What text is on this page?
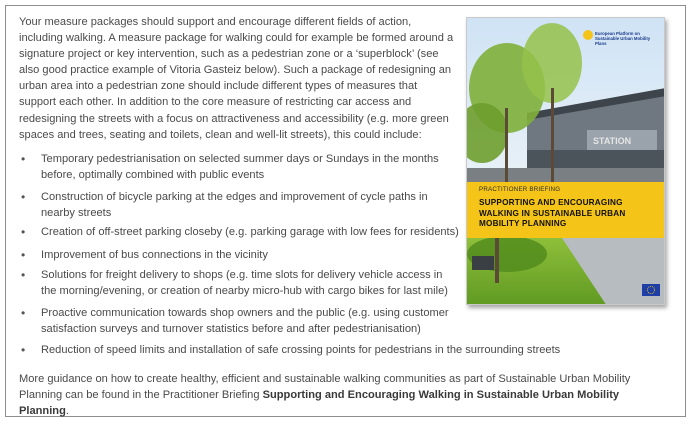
Your measure packages should support and encourage different fields of action, including walking. A measure package for walking could for example be formed around a signature project or key intervention, such as a pedestrian zone or a ‘superblock’ (see also good practice example of Vitoria Gasteiz below). Such a package of redesigning an urban area into a pedestrian zone should include different types of measures that support each other. In addition to the core measure of restricting car access and redesigning the streets with a focus on attractiveness and accessibility (e.g. more green spaces and trees, seating and toilets, clean and well-lit streets), this could include:

•	Temporary pedestrianisation on selected summer days or Sundays in the months before, optimally combined with public events
•	Construction of bicycle parking at the edges and improvement of cycle paths in nearby streets
•	Creation of off-street parking closeby (e.g. parking garage with low fees for residents)
•	Improvement of bus connections in the vicinity
•	Solutions for freight delivery to shops (e.g. time slots for delivery vehicle access in the morning/evening, or creation of nearby micro-hub with cargo bikes for last mile)
•	Proactive communication towards shop owners and the public (e.g. using customer satisfaction surveys and turnover statistics before and after pedestrianisation)
•	Reduction of speed limits and installation of safe crossing points for pedestrians in the surrounding streets

More guidance on how to create healthy, efficient and sustainable walking communities as part of Sustainable Urban Mobility Planning can be found in the Practitioner Briefing Supporting and Encouraging Walking in Sustainable Urban Mobility Planning.

STATION
European Platform on Sustainable Urban Mobility Plans
PRACTITIONER BRIEFING
SUPPORTING AND ENCOURAGING WALKING IN SUSTAINABLE URBAN MOBILITY PLANNING
